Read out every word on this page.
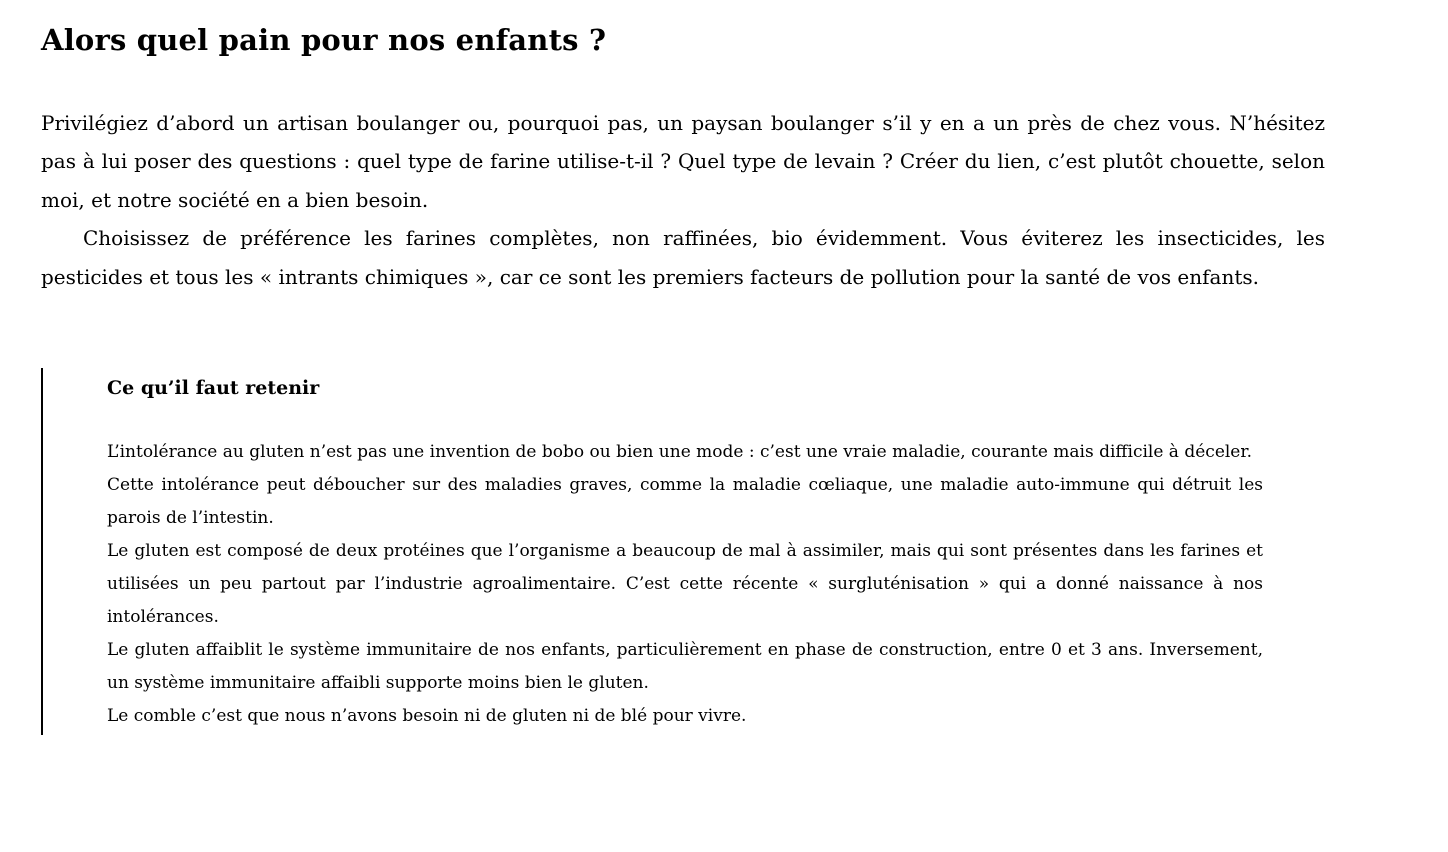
Alors quel pain pour nos enfants ?

Privilégiez d’abord un artisan boulanger ou, pourquoi pas, un paysan boulanger s’il y en a un près de chez vous. N’hésitez pas à lui poser des questions : quel type de farine utilise-t-il ? Quel type de levain ? Créer du lien, c’est plutôt chouette, selon moi, et notre société en a bien besoin.

Choisissez de préférence les farines complètes, non raffinées, bio évidemment. Vous éviterez les insecticides, les pesticides et tous les « intrants chimiques », car ce sont les premiers facteurs de pollution pour la santé de vos enfants.

Ce qu’il faut retenir

L’intolérance au gluten n’est pas une invention de bobo ou bien une mode : c’est une vraie maladie, courante mais difficile à déceler.

Cette intolérance peut déboucher sur des maladies graves, comme la maladie cœliaque, une maladie auto-immune qui détruit les parois de l’intestin.

Le gluten est composé de deux protéines que l’organisme a beaucoup de mal à assimiler, mais qui sont présentes dans les farines et utilisées un peu partout par l’industrie agroalimentaire. C’est cette récente « surgluténisation » qui a donné naissance à nos intolérances.

Le gluten affaiblit le système immunitaire de nos enfants, particulièrement en phase de construction, entre 0 et 3 ans. Inversement, un système immunitaire affaibli supporte moins bien le gluten.

Le comble c’est que nous n’avons besoin ni de gluten ni de blé pour vivre.
